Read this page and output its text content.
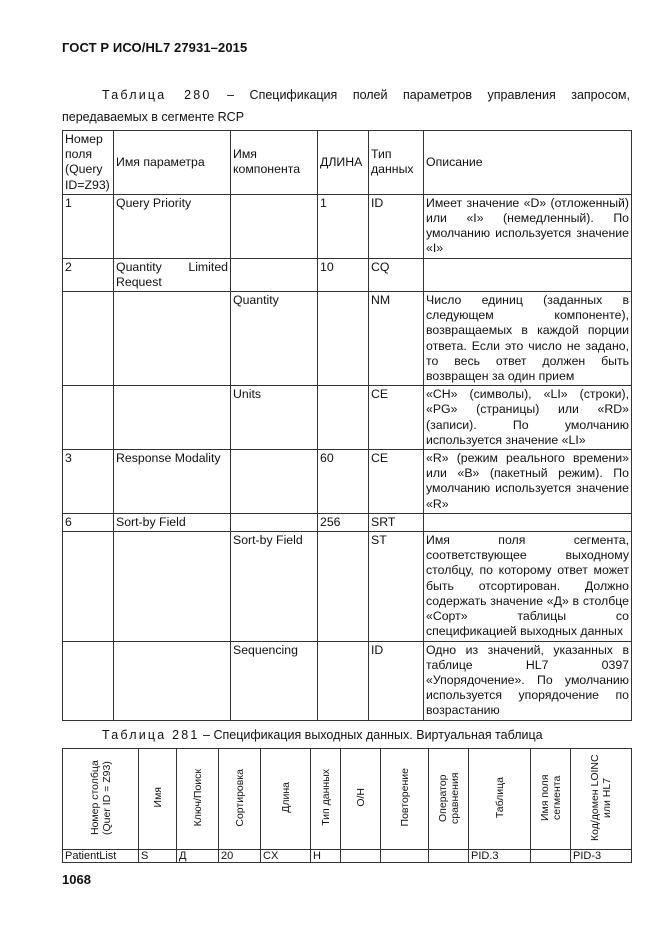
ГОСТ Р ИСО/HL7 27931–2015
Таблица 280 – Спецификация полей параметров управления запросом, передаваемых в сегменте RCP
Номер поля (Query ID=Z93)	Имя параметра	Имя компонента	ДЛИНА	Тип данных	Описание
1	Query Priority		1	ID	Имеет значение «D» (отложенный) или «I» (немедленный). По умолчанию используется значение «I»
2	Quantity Limited Request		10	CQ	
		Quantity		NM	Число единиц (заданных в следующем компоненте), возвращаемых в каждой порции ответа. Если это число не задано, то весь ответ должен быть возвращен за один прием
		Units		CE	«CH» (символы), «LI» (строки), «PG» (страницы) или «RD» (записи). По умолчанию используется значение «LI»
3	Response Modality		60	CE	«R» (режим реального времени» или «B» (пакетный режим). По умолчанию используется значение «R»
6	Sort-by Field		256	SRT	
		Sort-by Field		ST	Имя поля сегмента, соответствующее выходному столбцу, по которому ответ может быть отсортирован. Должно содержать значение «Д» в столбце «Сорт» таблицы со спецификацией выходных данных
		Sequencing		ID	Одно из значений, указанных в таблице HL7 0397 «Упорядочение». По умолчанию используется упорядочение по возрастанию
Таблица 281 – Спецификация выходных данных. Виртуальная таблица
Номер столбца (Quer ID = Z93)	Имя	Ключ/Поиск	Сортировка	Длина	Тип данных	О/Н	Повторение	Оператор сравнения	Таблица	Имя поля сегмента	Код/домен LOINC или HL7
PatientList	S	Д	20	CX	H				PID.3		PID-3
1068
